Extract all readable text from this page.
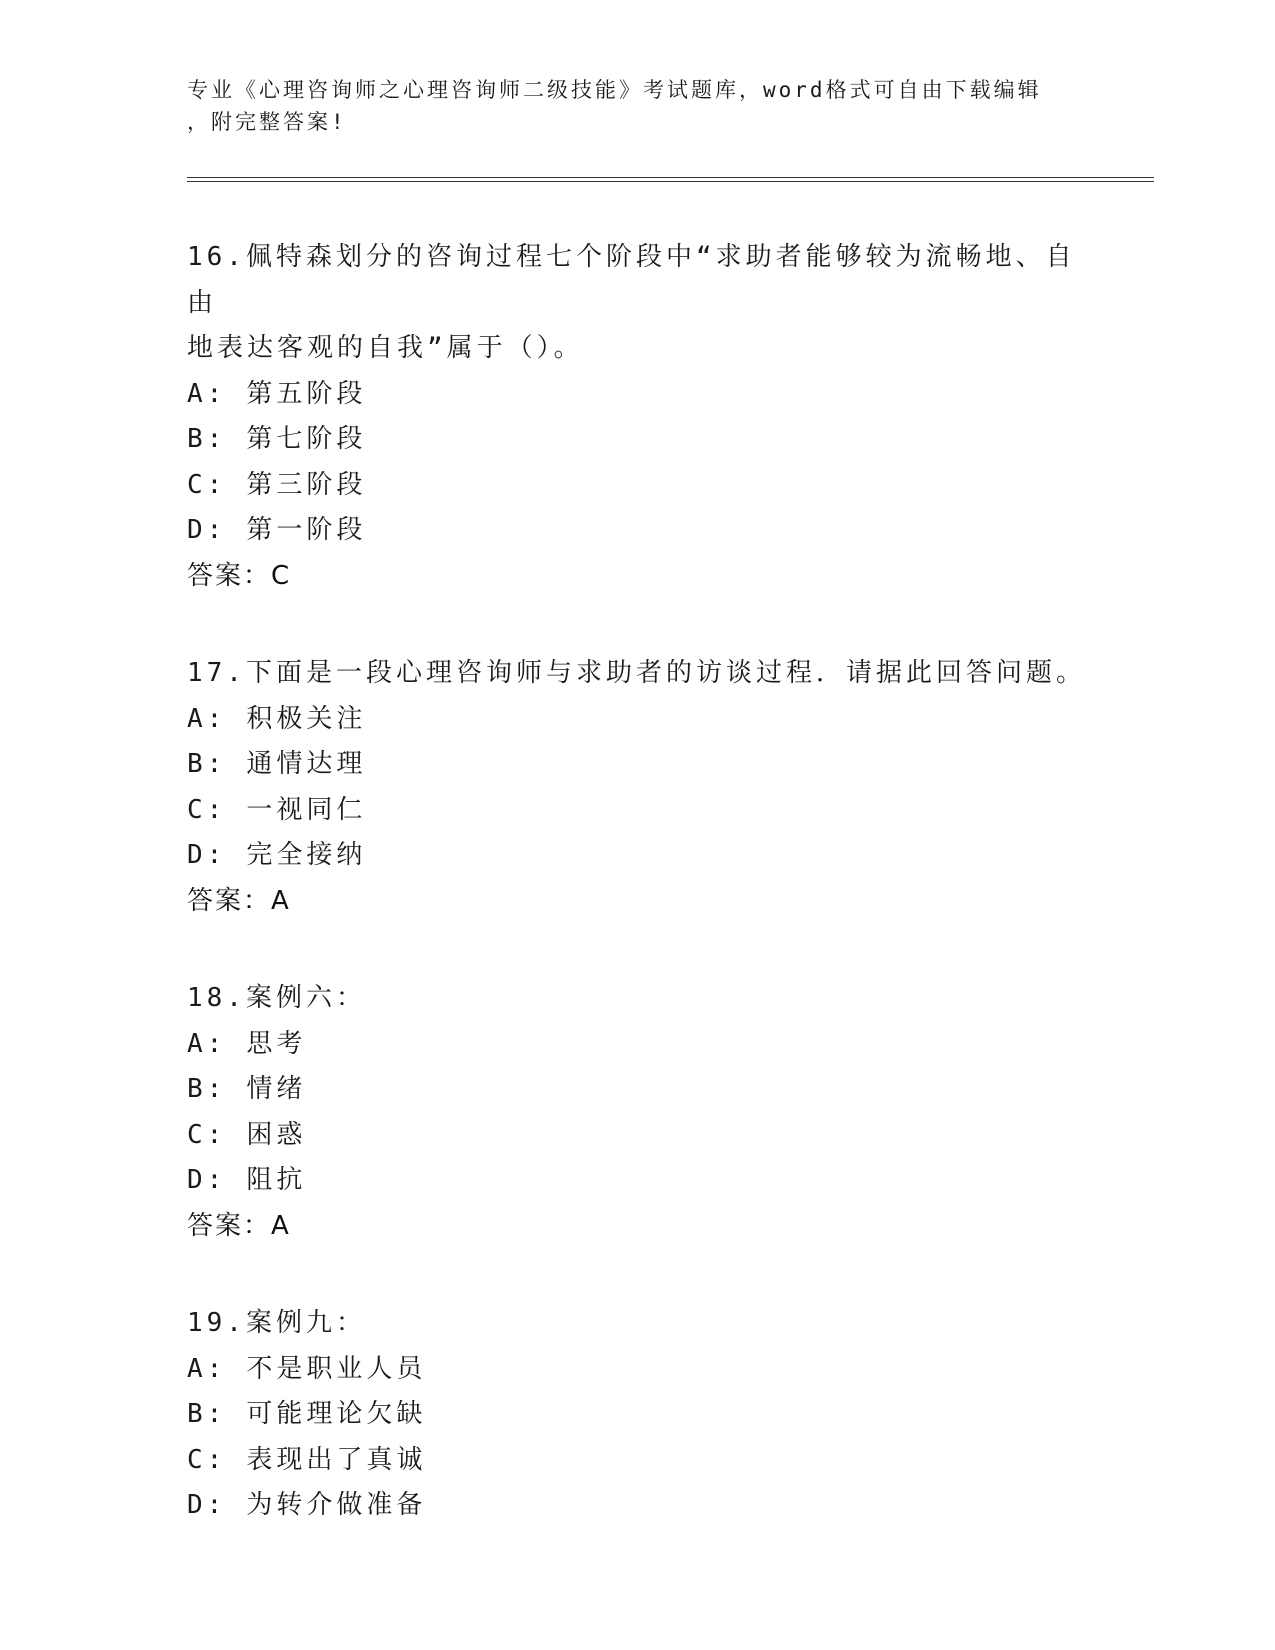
专业《心理咨询师之心理咨询师二级技能》考试题库，word格式可自由下载编辑

，附完整答案!

16.佩特森划分的咨询过程七个阶段中“求助者能够较为流畅地、自由
地表达客观的自我”属于（）。
A: 第五阶段
B: 第七阶段
C: 第三阶段
D: 第一阶段
答案：C
17.下面是一段心理咨询师与求助者的访谈过程．请据此回答问题。
A: 积极关注
B: 通情达理
C: 一视同仁
D: 完全接纳
答案：A
18.案例六：
A: 思考
B: 情绪
C: 困惑
D: 阻抗
答案：A
19.案例九：
A: 不是职业人员
B: 可能理论欠缺
C: 表现出了真诚
D: 为转介做准备
